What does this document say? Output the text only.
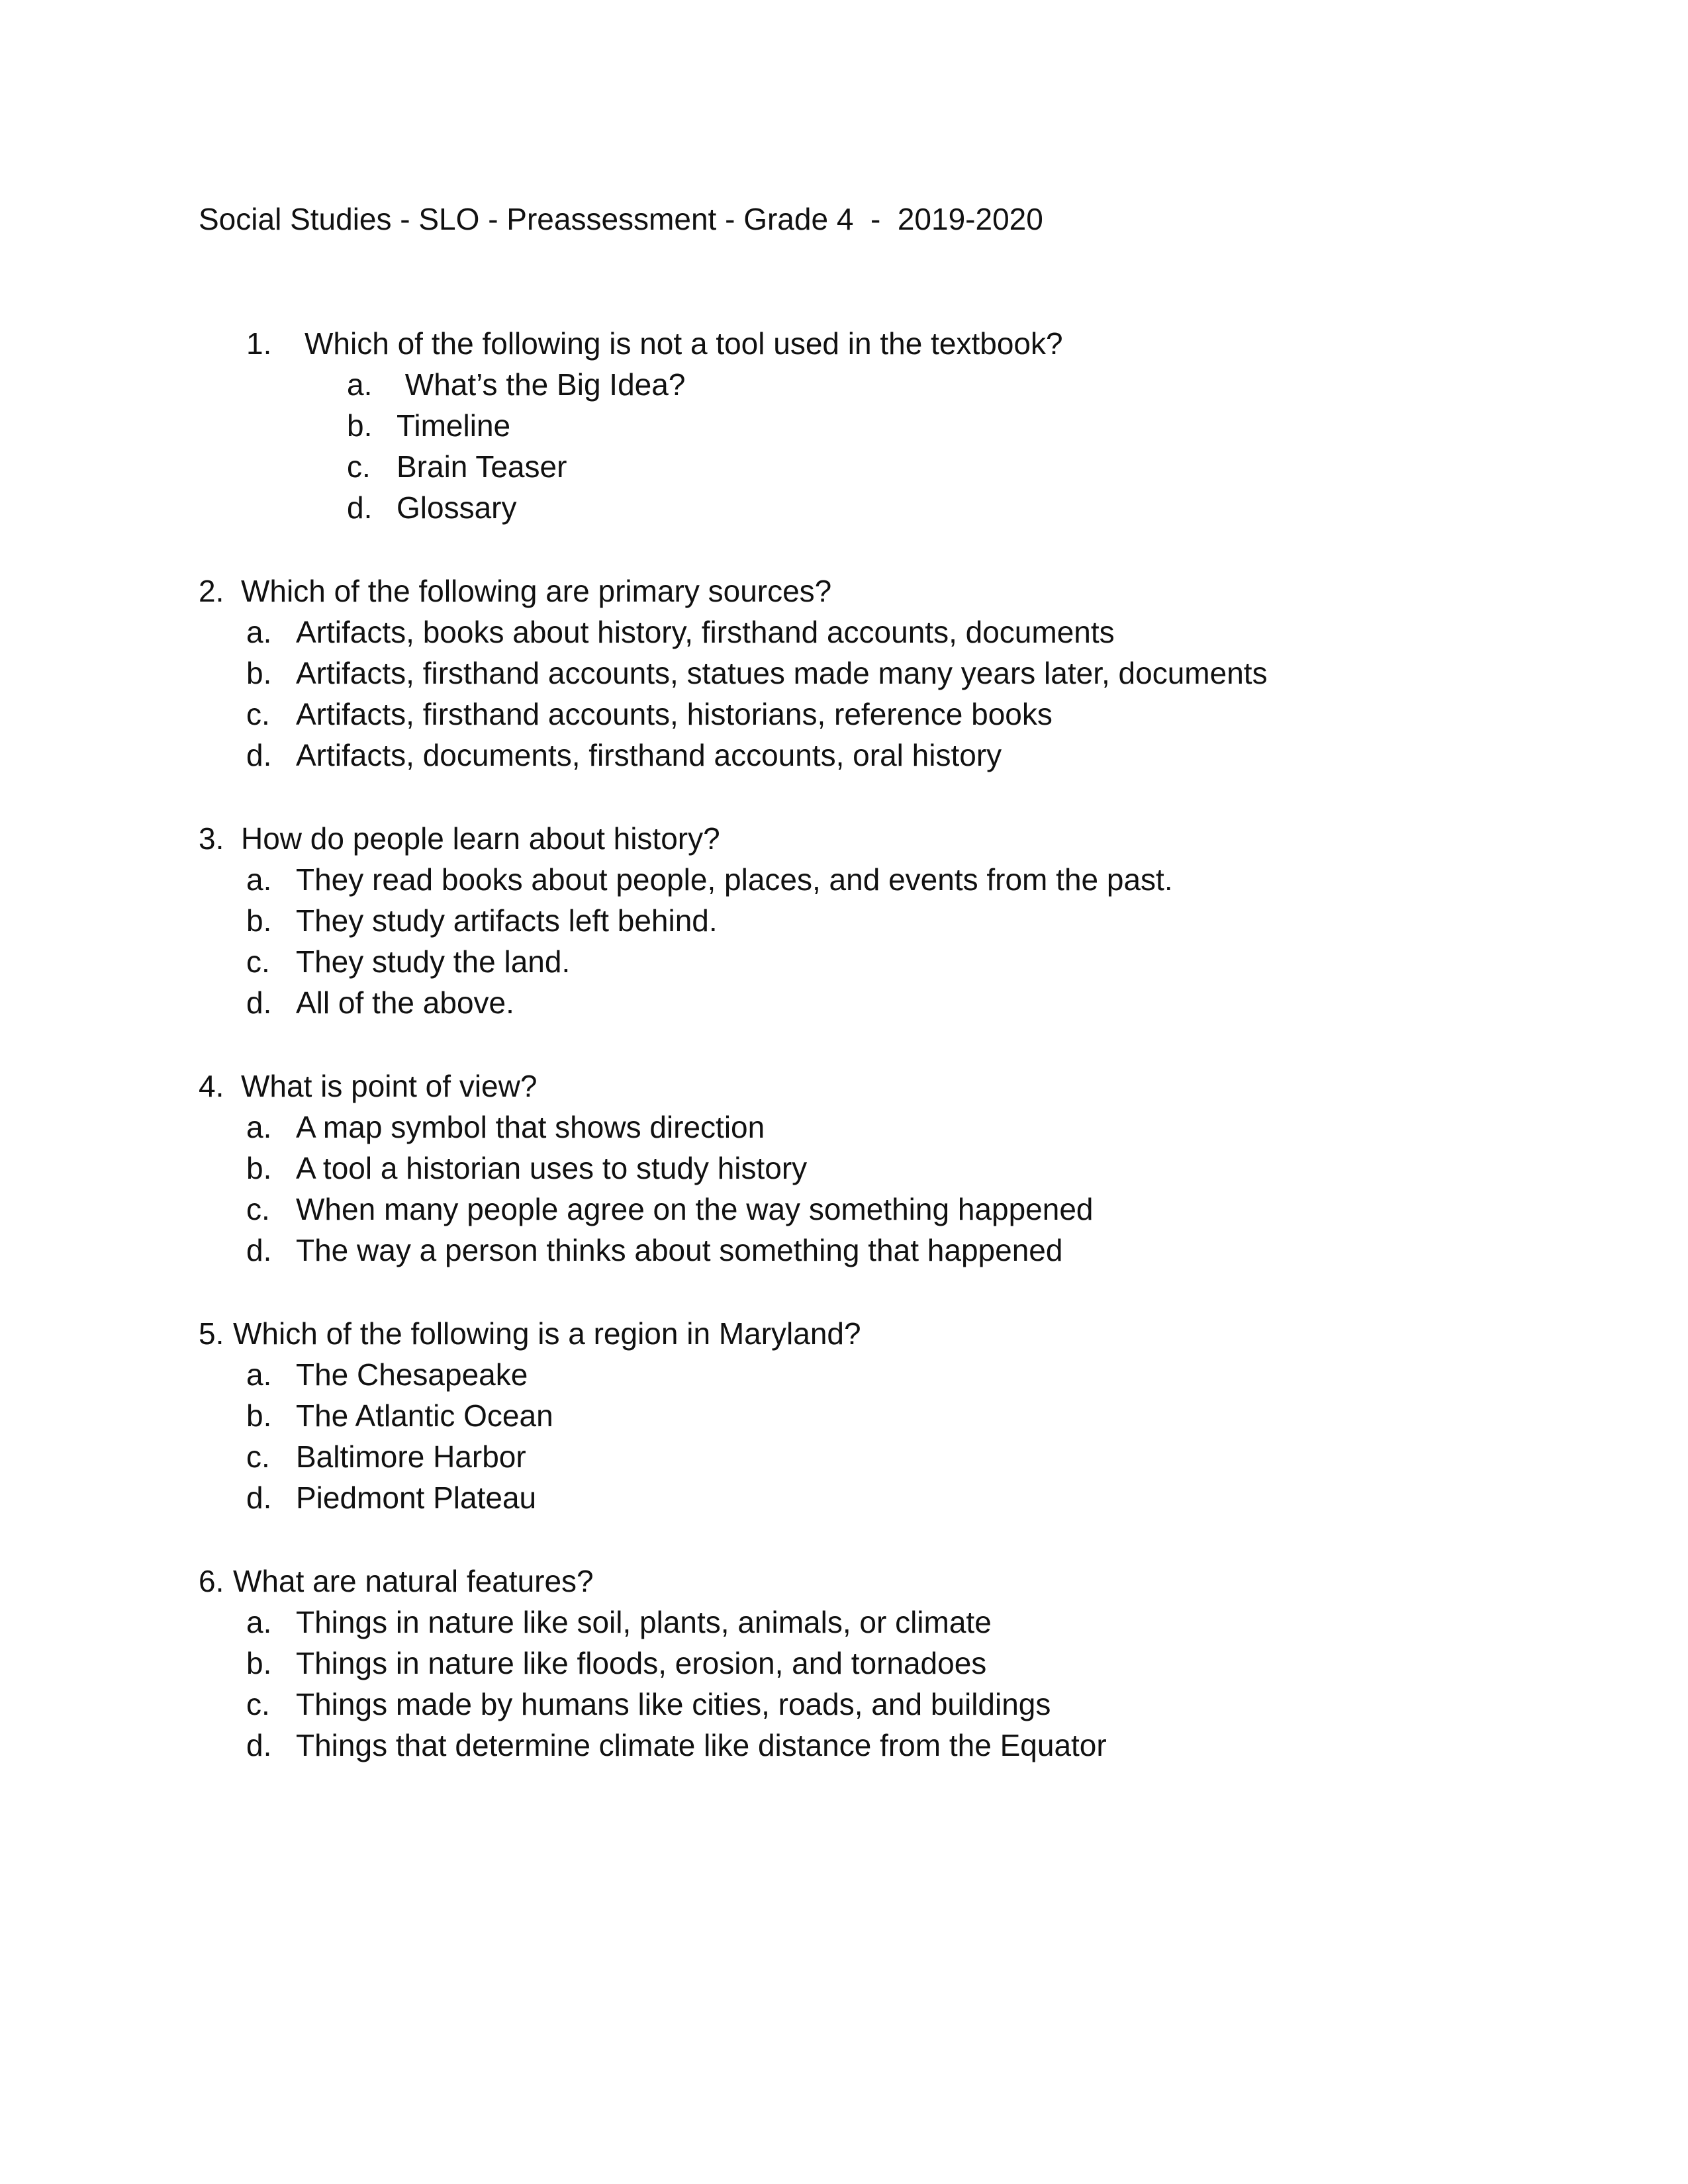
Social Studies - SLO - Preassessment - Grade 4  -  2019-2020
1.	Which of the following is not a tool used in the textbook?
a. What’s the Big Idea?
b. Timeline
c. Brain Teaser
d. Glossary
2. Which of the following are primary sources?
a. Artifacts, books about history, firsthand accounts, documents
b. Artifacts, firsthand accounts, statues made many years later, documents
c. Artifacts, firsthand accounts, historians, reference books
d. Artifacts, documents, firsthand accounts, oral history
3. How do people learn about history?
a. They read books about people, places, and events from the past.
b. They study artifacts left behind.
c. They study the land.
d. All of the above.
4. What is point of view?
a. A map symbol that shows direction
b. A tool a historian uses to study history
c. When many people agree on the way something happened
d. The way a person thinks about something that happened
5. Which of the following is a region in Maryland?
a. The Chesapeake
b. The Atlantic Ocean
c. Baltimore Harbor
d. Piedmont Plateau
6. What are natural features?
a. Things in nature like soil, plants, animals, or climate
b. Things in nature like floods, erosion, and tornadoes
c. Things made by humans like cities, roads, and buildings
d. Things that determine climate like distance from the Equator
